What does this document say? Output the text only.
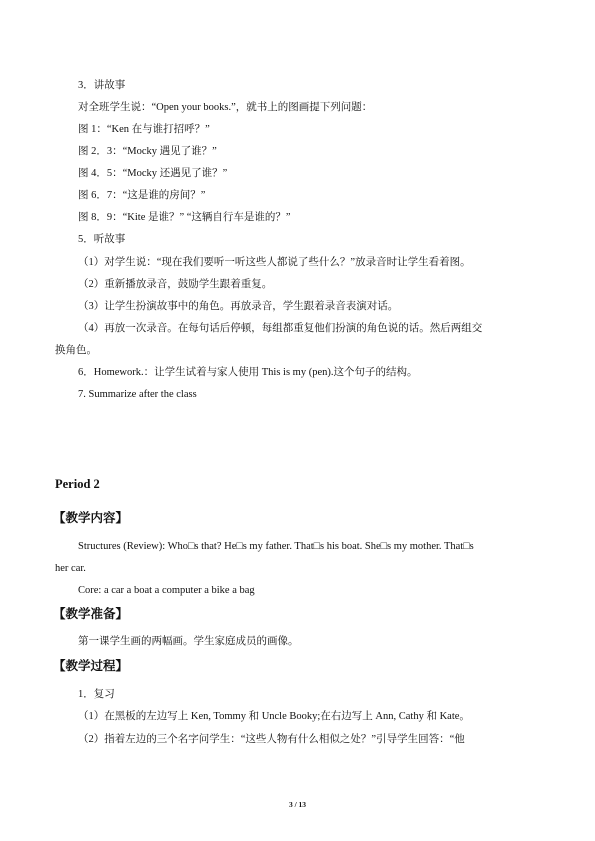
3．讲故事
对全班学生说：“Open your books.”，就书上的图画提下列问题：
图 1：“Ken 在与谁打招呼？”
图 2．3：“Mocky 遇见了谁？”
图 4．5：“Mocky 还遇见了谁？”
图 6．7：“这是谁的房间？”
图 8．9：“Kite 是谁？” “这辆自行车是谁的？”
5．听故事
（1）对学生说：“现在我们要听一听这些人都说了些什么？”放录音时让学生看着图。
（2）重新播放录音，鼓励学生跟着重复。
（3）让学生扮演故事中的角色。再放录音，学生跟着录音表演对话。
（4）再放一次录音。在每句话后停顿，每组都重复他们扮演的角色说的话。然后两组交
换角色。
6．Homework.：让学生试着与家人使用 This is my (pen).这个句子的结构。
7. Summarize after the class
Period 2
【教学内容】
Structures (Review): Who□s that? He□s my father. That□s his boat. She□s my mother. That□s
her car.
Core: a car a boat a computer a bike a bag
【教学准备】
第一课学生画的两幅画。学生家庭成员的画像。
【教学过程】
1．复习
（1）在黑板的左边写上 Ken, Tommy 和 Uncle Booky;在右边写上 Ann, Cathy 和 Kate。
（2）指着左边的三个名字问学生：“这些人物有什么相似之处？”引导学生回答：“他
3 / 13
